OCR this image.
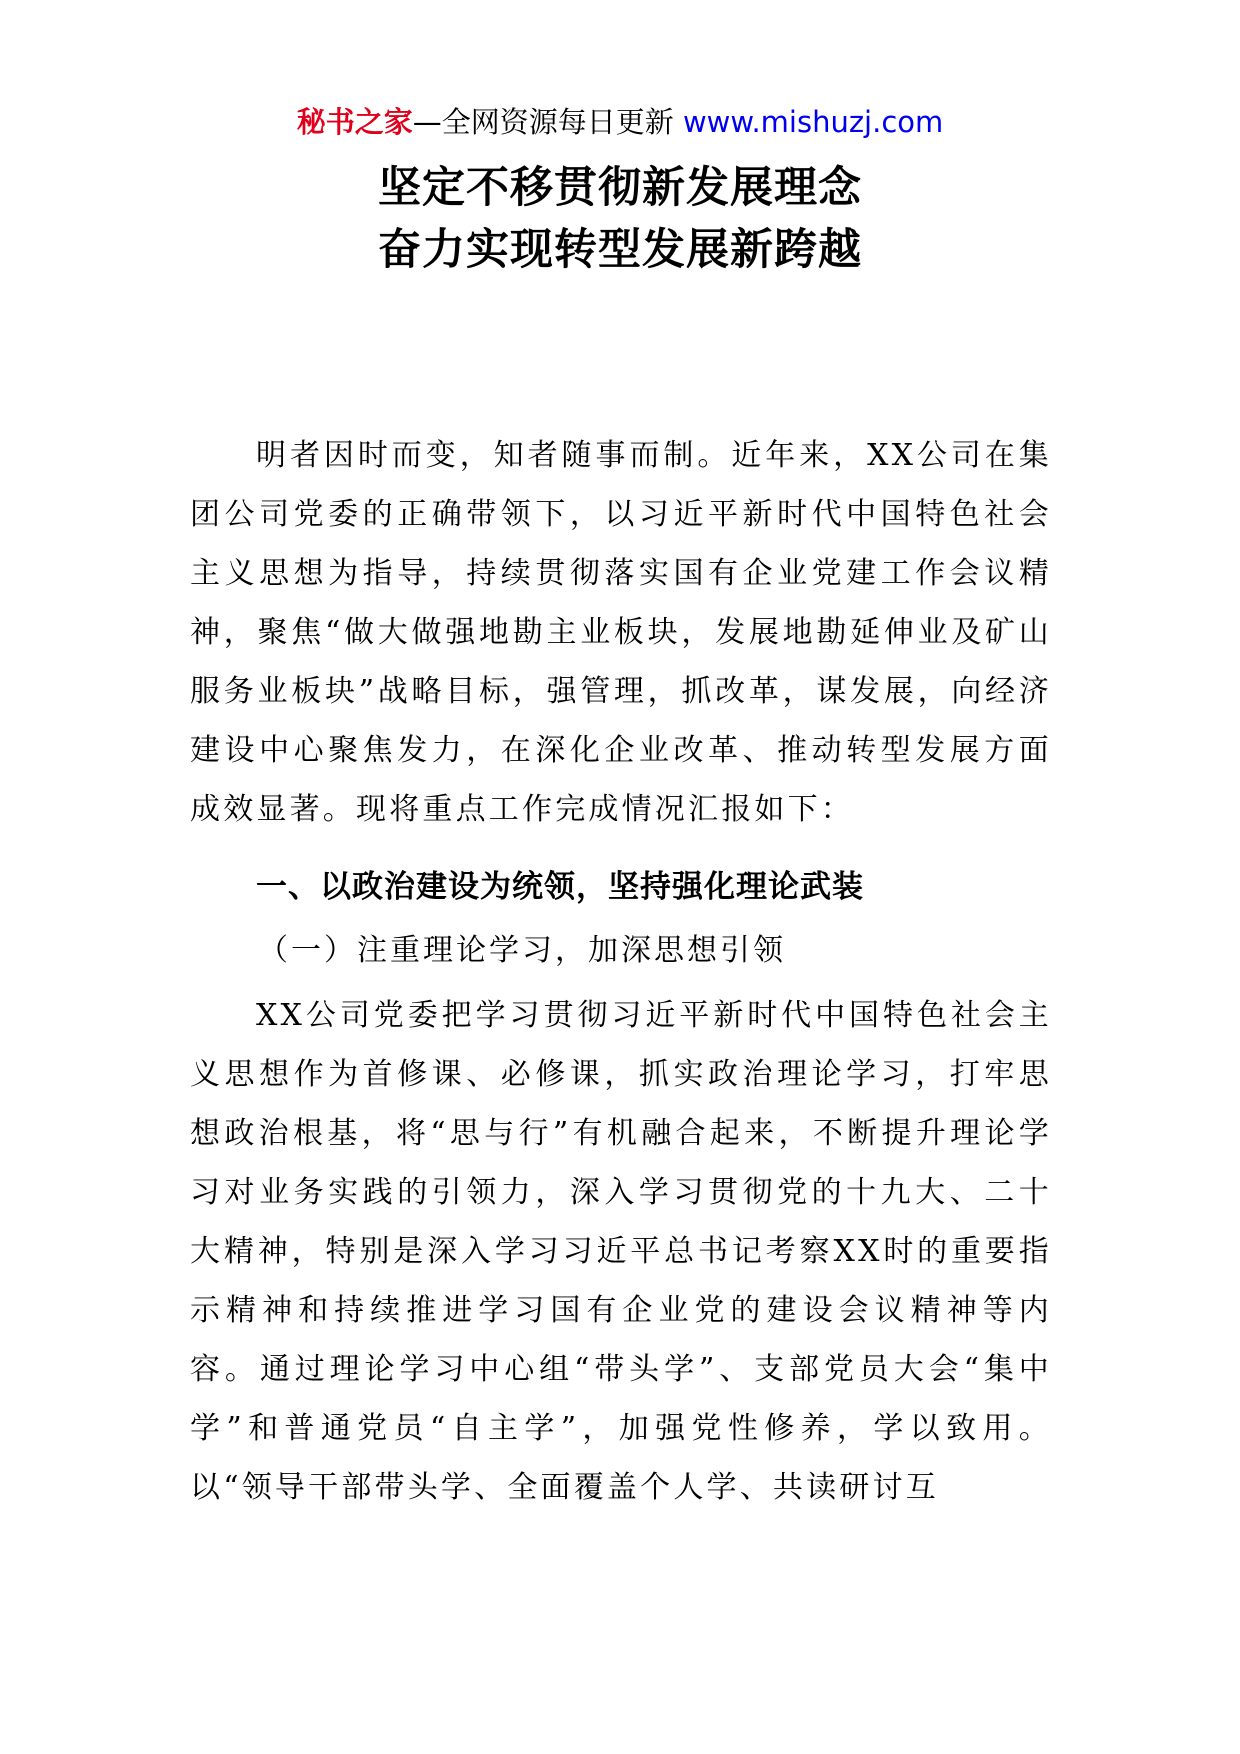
秘书之家—全网资源每日更新 www.mishuzj.com
坚定不移贯彻新发展理念
奋力实现转型发展新跨越

明者因时而变，知者随事而制。近年来，XX公司在集团公司党委的正确带领下，以习近平新时代中国特色社会主义思想为指导，持续贯彻落实国有企业党建工作会议精神，聚焦“做大做强地勘主业板块，发展地勘延伸业及矿山服务业板块”战略目标，强管理，抓改革，谋发展，向经济建设中心聚焦发力，在深化企业改革、推动转型发展方面成效显著。现将重点工作完成情况汇报如下：

一、以政治建设为统领，坚持强化理论武装
（一）注重理论学习，加深思想引领

XX公司党委把学习贯彻习近平新时代中国特色社会主义思想作为首修课、必修课，抓实政治理论学习，打牢思想政治根基，将“思与行”有机融合起来，不断提升理论学习对业务实践的引领力，深入学习贯彻党的十九大、二十大精神，特别是深入学习习近平总书记考察XX时的重要指示精神和持续推进学习国有企业党的建设会议精神等内容。通过理论学习中心组“带头学”、支部党员大会“集中学”和普通党员“自主学”，加强党性修养，学以致用。以“领导干部带头学、全面覆盖个人学、共读研讨互
